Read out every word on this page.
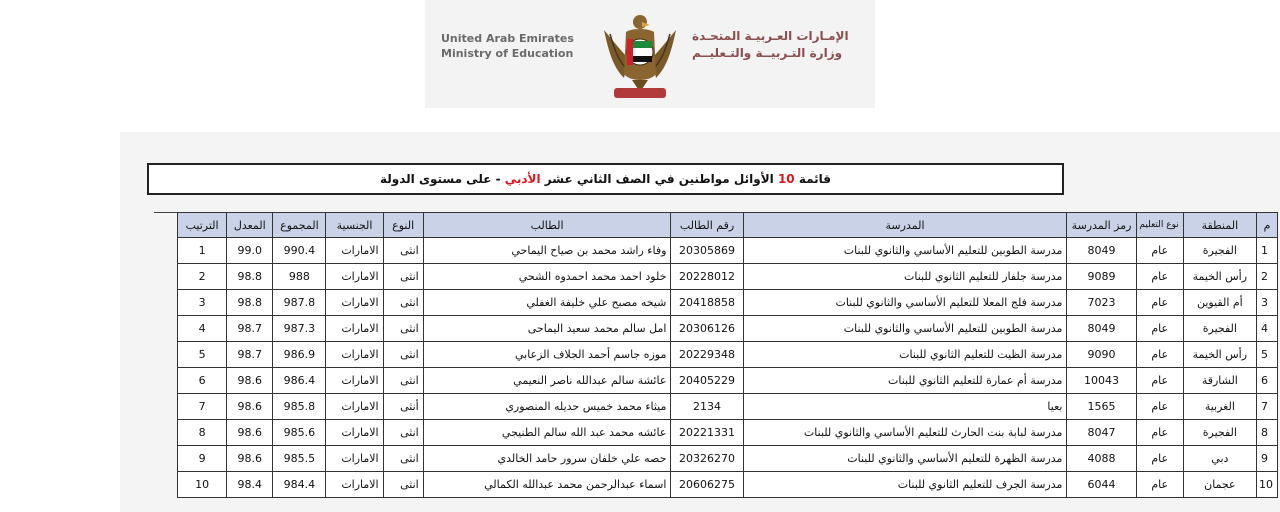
United Arab Emirates
Ministry of Education
الإمـارات العـربيـة المتحـدة
وزارة التـربيــة والتـعليــم
قائمة 10 الأوائل مواطنين في الصف الثاني عشر الأدبي - على مستوى الدولة
م	المنطقة	نوع التعليم	رمز المدرسة	المدرسة	رقم الطالب	الطالب	النوع	الجنسية	المجموع	المعدل	الترتيب
1	الفجيرة	عام	8049	مدرسة الطوبين للتعليم الأساسي والثانوي للبنات	20305869	وفاء راشد محمد بن صياح اليماحي	انثى	الامارات	990.4	99.0	1
2	رأس الخيمة	عام	9089	مدرسة جلفار للتعليم الثانوي للبنات	20228012	خلود احمد محمد احمدوه الشحي	انثى	الامارات	988	98.8	2
3	أم القيوين	عام	7023	مدرسة فلج المعلا للتعليم الأساسي والثانوي للبنات	20418858	شيخه مصبح علي خليفة الغفلي	انثى	الامارات	987.8	98.8	3
4	الفجيرة	عام	8049	مدرسة الطوبين للتعليم الأساسي والثانوي للبنات	20306126	امل سالم محمد سعيد اليماحى	انثى	الامارات	987.3	98.7	4
5	رأس الخيمة	عام	9090	مدرسة الظيت للتعليم الثانوي للبنات	20229348	موزه جاسم أحمد الجلاف الزعابي	انثى	الامارات	986.9	98.7	5
6	الشارقة	عام	10043	مدرسة أم عمارة للتعليم الثانوي للبنات	20405229	عائشة سالم عبدالله ناصر النعيمي	انثى	الامارات	986.4	98.6	6
7	الغربية	عام	1565	بعيا	2134	ميثاء محمد خميس حديله المنصوري	أنثى	الامارات	985.8	98.6	7
8	الفجيرة	عام	8047	مدرسة لبابة بنت الحارث للتعليم الأساسي والثانوي للبنات	20221331	عائشه محمد عبد الله سالم الطنيجي	انثى	الامارات	985.6	98.6	8
9	دبي	عام	4088	مدرسة الظهرة للتعليم الأساسي والثانوي للبنات	20326270	حصه علي خلفان سرور حامد الخالدي	انثى	الامارات	985.5	98.6	9
10	عجمان	عام	6044	مدرسة الجرف للتعليم الثانوي للبنات	20606275	اسماء عبدالرحمن محمد عبدالله الكمالي	انثى	الامارات	984.4	98.4	10
